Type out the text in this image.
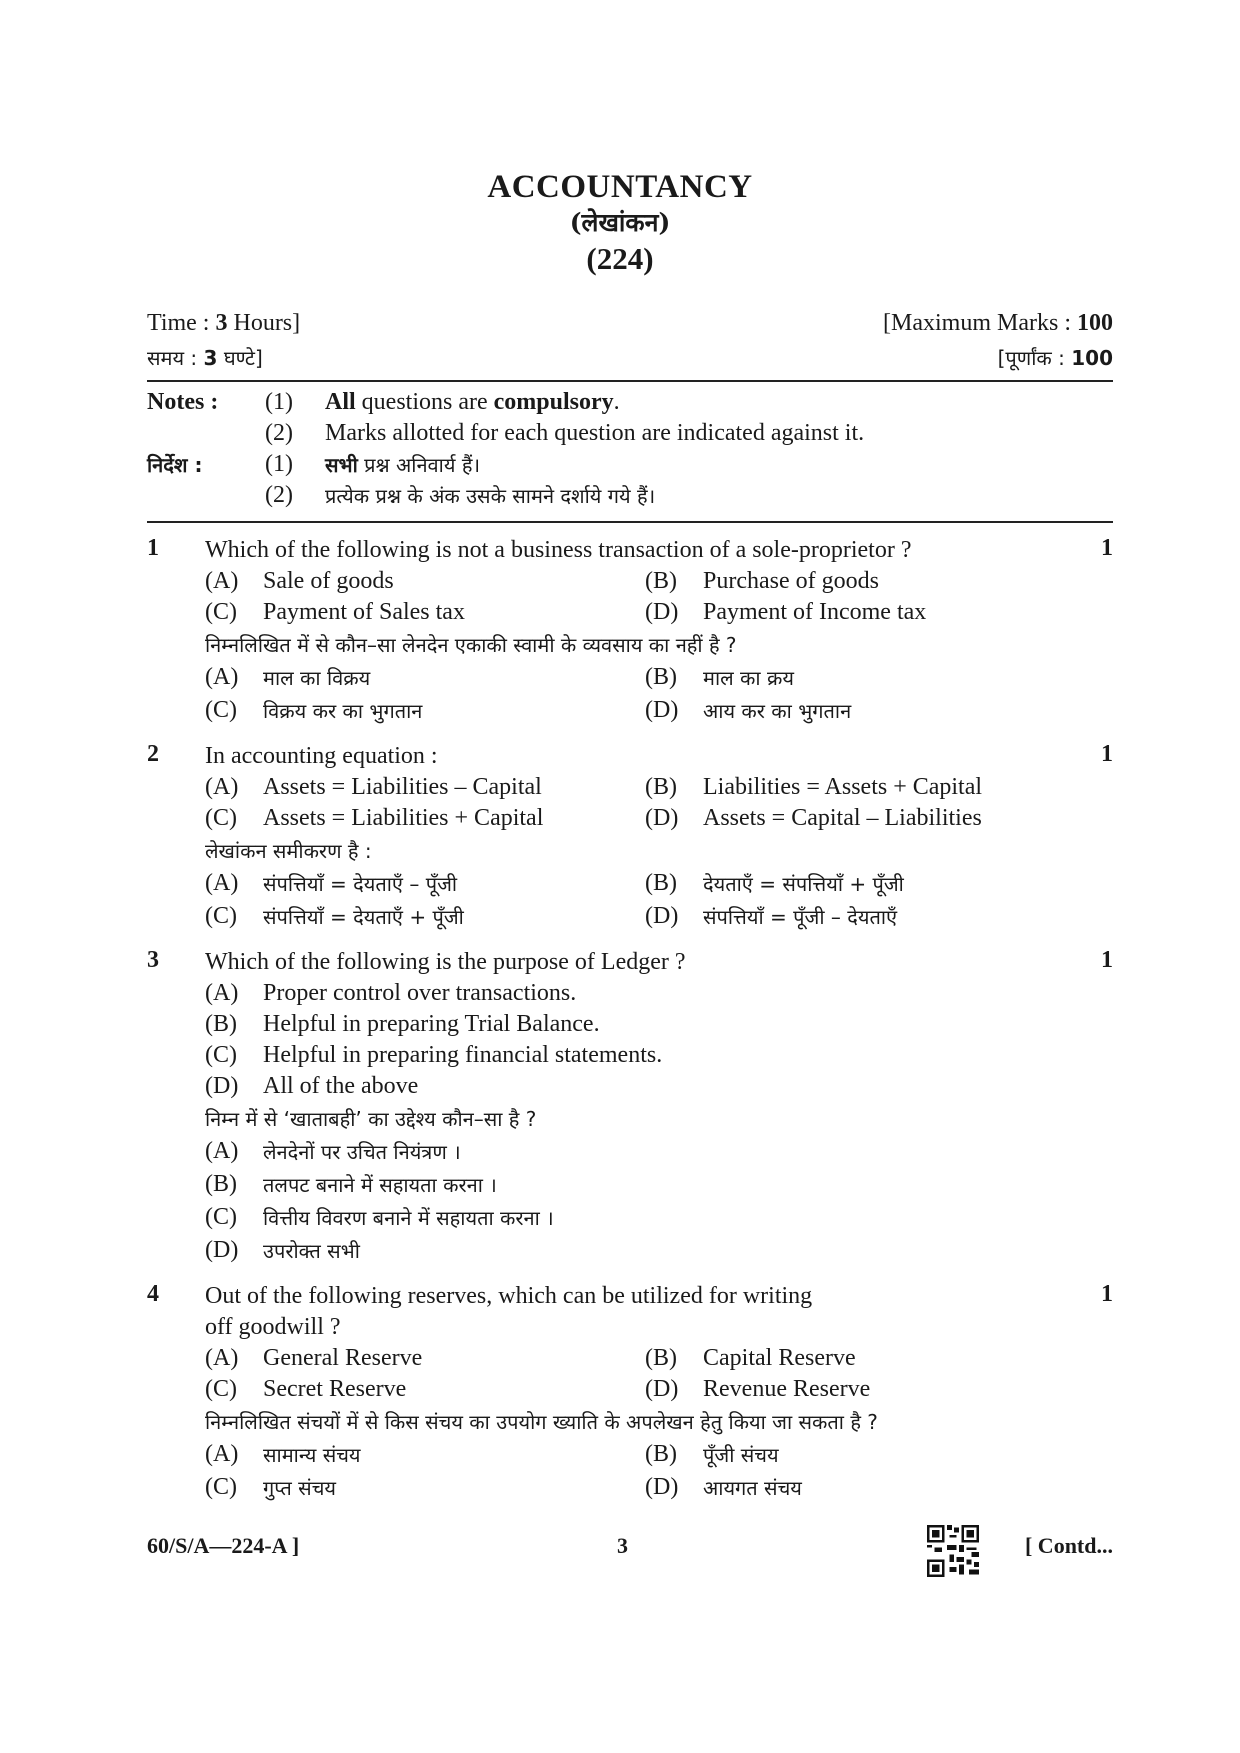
ACCOUNTANCY
(लेखांकन)
(224)
Time : 3 Hours]	[Maximum Marks : 100
समय : 3 घण्टे]	[पूर्णांक : 100
Notes :	(1)	All questions are compulsory.
(2)	Marks allotted for each question are indicated against it.
निर्देश :	(1)	सभी प्रश्न अनिवार्य हैं।
(2)	प्रत्येक प्रश्न के अंक उसके सामने दर्शाये गये हैं।
1	Which of the following is not a business transaction of a sole-proprietor ?
(A)	Sale of goods	(B)	Purchase of goods
(C)	Payment of Sales tax	(D)	Payment of Income tax
निम्नलिखित में से कौन–सा लेनदेन एकाकी स्वामी के व्यवसाय का नहीं है ?
(A)	माल का विक्रय	(B)	माल का क्रय
(C)	विक्रय कर का भुगतान	(D)	आय कर का भुगतान
1
2	In accounting equation :
(A)	Assets = Liabilities – Capital	(B)	Liabilities = Assets + Capital
(C)	Assets = Liabilities + Capital	(D)	Assets = Capital – Liabilities
लेखांकन समीकरण है :
(A)	संपत्तियाँ = देयताएँ – पूँजी	(B)	देयताएँ = संपत्तियाँ + पूँजी
(C)	संपत्तियाँ = देयताएँ + पूँजी	(D)	संपत्तियाँ = पूँजी – देयताएँ
1
3	Which of the following is the purpose of Ledger ?
(A)	Proper control over transactions.
(B)	Helpful in preparing Trial Balance.
(C)	Helpful in preparing financial statements.
(D)	All of the above
निम्न में से ‘खाताबही’ का उद्देश्य कौन–सा है ?
(A)	लेनदेनों पर उचित नियंत्रण ।
(B)	तलपट बनाने में सहायता करना ।
(C)	वित्तीय विवरण बनाने में सहायता करना ।
(D)	उपरोक्त सभी
1
4	Out of the following reserves, which can be utilized for writing
off goodwill ?
(A)	General Reserve	(B)	Capital Reserve
(C)	Secret Reserve	(D)	Revenue Reserve
निम्नलिखित संचयों में से किस संचय का उपयोग ख्याति के अपलेखन हेतु किया जा सकता है ?
(A)	सामान्य संचय	(B)	पूँजी संचय
(C)	गुप्त संचय	(D)	आयगत संचय
1
60/S/A—224-A ]	3	[ Contd...
